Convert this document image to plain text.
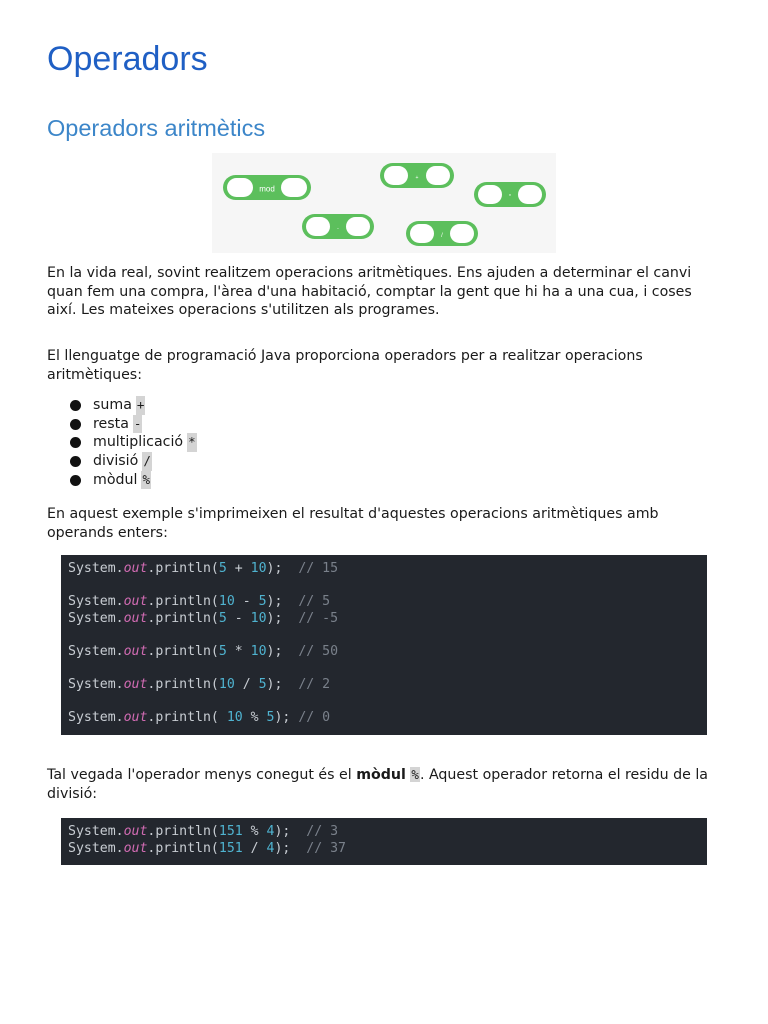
Operadors
Operadors aritmètics
mod
+
*
-
/

En la vida real, sovint realitzem operacions aritmètiques. Ens ajuden a determinar el canvi quan fem una compra, l'àrea d'una habitació, comptar la gent que hi ha a una cua, i coses així. Les mateixes operacions s'utilitzen als programes.

El llenguatge de programació Java proporciona operadors per a realitzar operacions aritmètiques:

suma +
resta -
multiplicació *
divisió /
mòdul %

En aquest exemple s'imprimeixen el resultat d'aquestes operacions aritmètiques amb operands enters:

System.out.println(5 + 10);  // 15
System.out.println(10 - 5);  // 5
System.out.println(5 - 10);  // -5
System.out.println(5 * 10);  // 50
System.out.println(10 / 5);  // 2
System.out.println( 10 % 5); // 0

Tal vegada l'operador menys conegut és el mòdul %. Aquest operador retorna el residu de la divisió:

System.out.println(151 % 4);  // 3
System.out.println(151 / 4);  // 37
